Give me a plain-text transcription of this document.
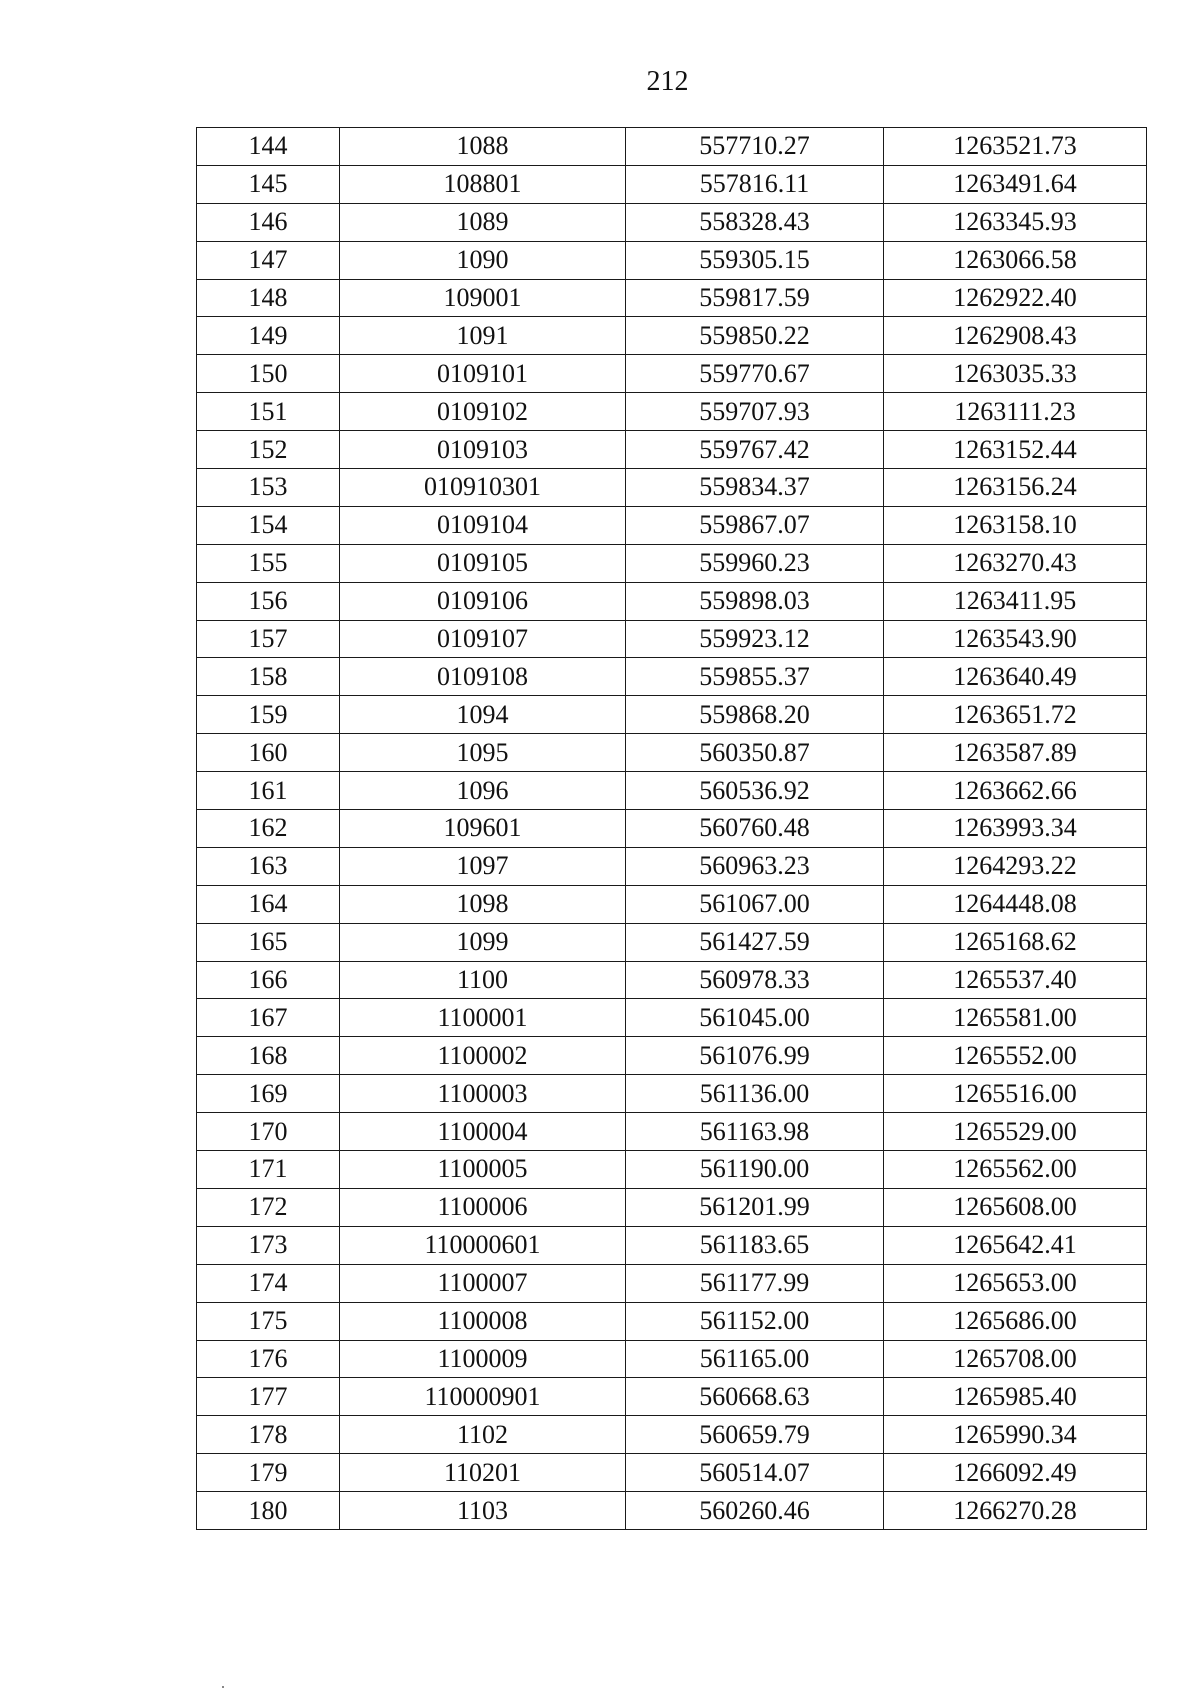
212
144	1088	557710.27	1263521.73
145	108801	557816.11	1263491.64
146	1089	558328.43	1263345.93
147	1090	559305.15	1263066.58
148	109001	559817.59	1262922.40
149	1091	559850.22	1262908.43
150	0109101	559770.67	1263035.33
151	0109102	559707.93	1263111.23
152	0109103	559767.42	1263152.44
153	010910301	559834.37	1263156.24
154	0109104	559867.07	1263158.10
155	0109105	559960.23	1263270.43
156	0109106	559898.03	1263411.95
157	0109107	559923.12	1263543.90
158	0109108	559855.37	1263640.49
159	1094	559868.20	1263651.72
160	1095	560350.87	1263587.89
161	1096	560536.92	1263662.66
162	109601	560760.48	1263993.34
163	1097	560963.23	1264293.22
164	1098	561067.00	1264448.08
165	1099	561427.59	1265168.62
166	1100	560978.33	1265537.40
167	1100001	561045.00	1265581.00
168	1100002	561076.99	1265552.00
169	1100003	561136.00	1265516.00
170	1100004	561163.98	1265529.00
171	1100005	561190.00	1265562.00
172	1100006	561201.99	1265608.00
173	110000601	561183.65	1265642.41
174	1100007	561177.99	1265653.00
175	1100008	561152.00	1265686.00
176	1100009	561165.00	1265708.00
177	110000901	560668.63	1265985.40
178	1102	560659.79	1265990.34
179	110201	560514.07	1266092.49
180	1103	560260.46	1266270.28
